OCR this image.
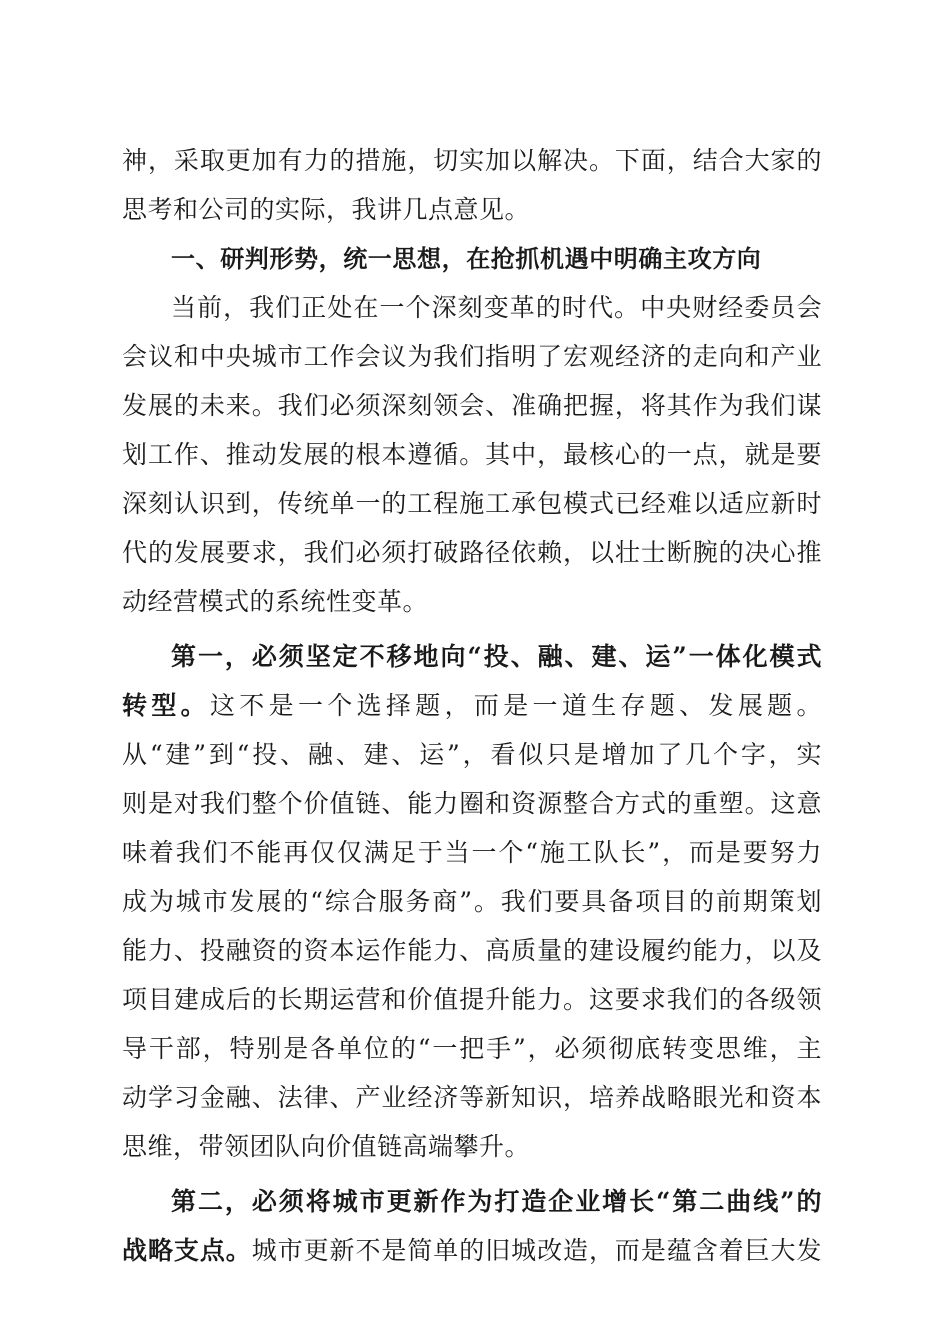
神，采取更加有力的措施，切实加以解决。下面，结合大家的
思考和公司的实际，我讲几点意见。
一、研判形势，统一思想，在抢抓机遇中明确主攻方向
当前，我们正处在一个深刻变革的时代。中央财经委员会
会议和中央城市工作会议为我们指明了宏观经济的走向和产业
发展的未来。我们必须深刻领会、准确把握，将其作为我们谋
划工作、推动发展的根本遵循。其中，最核心的一点，就是要
深刻认识到，传统单一的工程施工承包模式已经难以适应新时
代的发展要求，我们必须打破路径依赖，以壮士断腕的决心推
动经营模式的系统性变革。
第一，必须坚定不移地向“投、融、建、运”一体化模式
转型。这不是一个选择题，而是一道生存题、发展题。
从“建”到“投、融、建、运”，看似只是增加了几个字，实
则是对我们整个价值链、能力圈和资源整合方式的重塑。这意
味着我们不能再仅仅满足于当一个“施工队长”，而是要努力
成为城市发展的“综合服务商”。我们要具备项目的前期策划
能力、投融资的资本运作能力、高质量的建设履约能力，以及
项目建成后的长期运营和价值提升能力。这要求我们的各级领
导干部，特别是各单位的“一把手”，必须彻底转变思维，主
动学习金融、法律、产业经济等新知识，培养战略眼光和资本
思维，带领团队向价值链高端攀升。
第二，必须将城市更新作为打造企业增长“第二曲线”的
战略支点。城市更新不是简单的旧城改造，而是蕴含着巨大发
